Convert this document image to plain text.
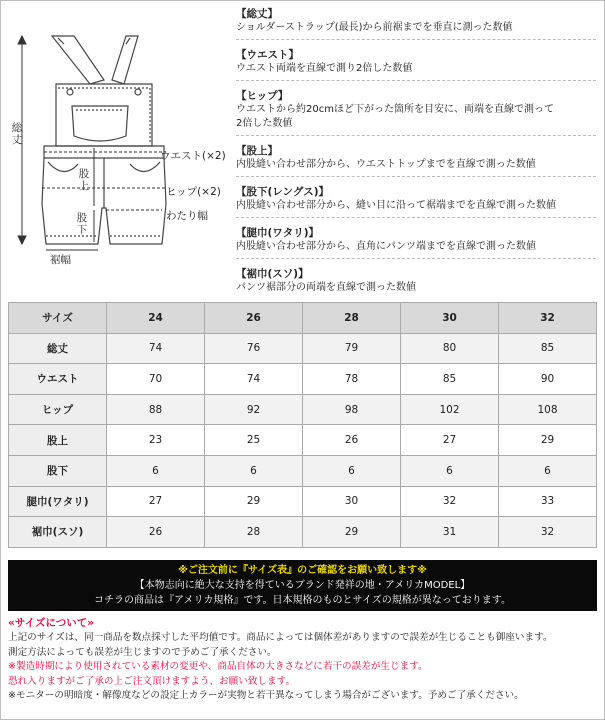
総丈
ウエスト(×2)
ヒップ(×2)
わたり幅
股上
股下
裾幅
【総丈】
ショルダーストラップ(最長)から前裾までを垂直に測った数値
【ウエスト】
ウエスト両端を直線で測り2倍した数値
【ヒップ】
ウエストから約20cmほど下がった箇所を目安に、両端を直線で測って
2倍した数値
【股上】
内股縫い合わせ部分から、ウエストトップまでを直線で測った数値
【股下(レングス)】
内股縫い合わせ部分から、縫い目に沿って裾端までを直線で測った数値
【腿巾(ワタリ)】
内股縫い合わせ部分から、直角にパンツ端までを直線で測った数値
【裾巾(スソ)】
パンツ裾部分の両端を直線で測った数値
サイズ	24	26	28	30	32
総丈	74	76	79	80	85
ウエスト	70	74	78	85	90
ヒップ	88	92	98	102	108
股上	23	25	26	27	29
股下	6	6	6	6	6
腿巾(ワタリ)	27	29	30	32	33
裾巾(スソ)	26	28	29	31	32
※ご注文前に『サイズ表』のご確認をお願い致します※
【本物志向に絶大な支持を得ているブランド発祥の地・アメリカMODEL】
コチラの商品は『アメリカ規格』です。日本規格のものとサイズの規格が異なっております。
«サイズについて»
上記のサイズは、同一商品を数点採寸した平均値です。商品によっては個体差がありますので誤差が生じることも御座います。
測定方法によっても誤差が生じますので予めご了承ください。
※製造時期により使用されている素材の変更や、商品自体の大きさなどに若干の誤差が生じます。
恐れ入りますがご了承の上ご注文頂けますよう、お願い致します。
※モニターの明暗度・解像度などの設定上カラーが実物と若干異なってしまう場合がございます。予めご了承ください。
